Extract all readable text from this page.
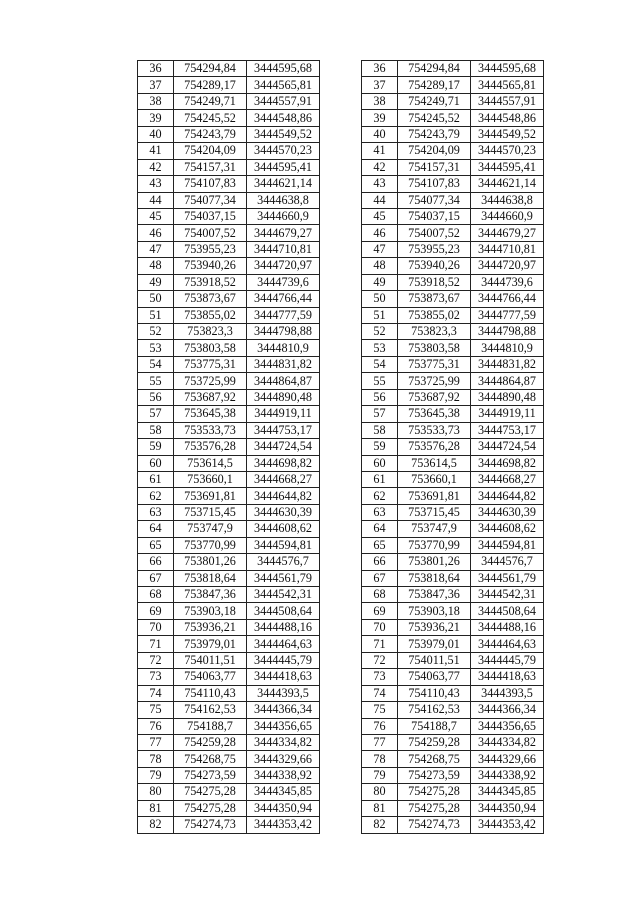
36	754294,84	3444595,68
37	754289,17	3444565,81
38	754249,71	3444557,91
39	754245,52	3444548,86
40	754243,79	3444549,52
41	754204,09	3444570,23
42	754157,31	3444595,41
43	754107,83	3444621,14
44	754077,34	3444638,8
45	754037,15	3444660,9
46	754007,52	3444679,27
47	753955,23	3444710,81
48	753940,26	3444720,97
49	753918,52	3444739,6
50	753873,67	3444766,44
51	753855,02	3444777,59
52	753823,3	3444798,88
53	753803,58	3444810,9
54	753775,31	3444831,82
55	753725,99	3444864,87
56	753687,92	3444890,48
57	753645,38	3444919,11
58	753533,73	3444753,17
59	753576,28	3444724,54
60	753614,5	3444698,82
61	753660,1	3444668,27
62	753691,81	3444644,82
63	753715,45	3444630,39
64	753747,9	3444608,62
65	753770,99	3444594,81
66	753801,26	3444576,7
67	753818,64	3444561,79
68	753847,36	3444542,31
69	753903,18	3444508,64
70	753936,21	3444488,16
71	753979,01	3444464,63
72	754011,51	3444445,79
73	754063,77	3444418,63
74	754110,43	3444393,5
75	754162,53	3444366,34
76	754188,7	3444356,65
77	754259,28	3444334,82
78	754268,75	3444329,66
79	754273,59	3444338,92
80	754275,28	3444345,85
81	754275,28	3444350,94
82	754274,73	3444353,42
36	754294,84	3444595,68
37	754289,17	3444565,81
38	754249,71	3444557,91
39	754245,52	3444548,86
40	754243,79	3444549,52
41	754204,09	3444570,23
42	754157,31	3444595,41
43	754107,83	3444621,14
44	754077,34	3444638,8
45	754037,15	3444660,9
46	754007,52	3444679,27
47	753955,23	3444710,81
48	753940,26	3444720,97
49	753918,52	3444739,6
50	753873,67	3444766,44
51	753855,02	3444777,59
52	753823,3	3444798,88
53	753803,58	3444810,9
54	753775,31	3444831,82
55	753725,99	3444864,87
56	753687,92	3444890,48
57	753645,38	3444919,11
58	753533,73	3444753,17
59	753576,28	3444724,54
60	753614,5	3444698,82
61	753660,1	3444668,27
62	753691,81	3444644,82
63	753715,45	3444630,39
64	753747,9	3444608,62
65	753770,99	3444594,81
66	753801,26	3444576,7
67	753818,64	3444561,79
68	753847,36	3444542,31
69	753903,18	3444508,64
70	753936,21	3444488,16
71	753979,01	3444464,63
72	754011,51	3444445,79
73	754063,77	3444418,63
74	754110,43	3444393,5
75	754162,53	3444366,34
76	754188,7	3444356,65
77	754259,28	3444334,82
78	754268,75	3444329,66
79	754273,59	3444338,92
80	754275,28	3444345,85
81	754275,28	3444350,94
82	754274,73	3444353,42
